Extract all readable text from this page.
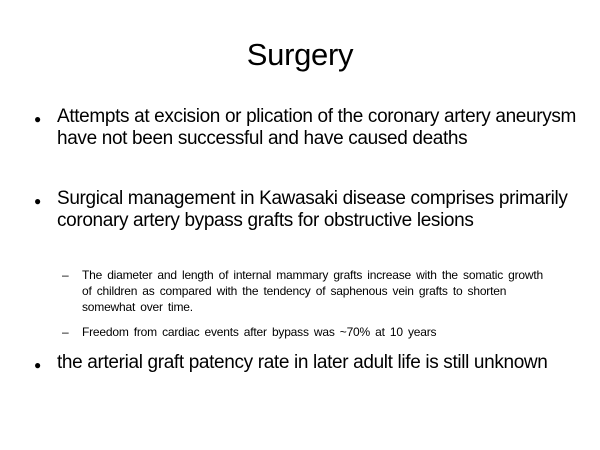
Surgery
● Attempts at excision or plication of the coronary artery aneurysm have not been successful and have caused deaths
● Surgical management in Kawasaki disease comprises primarily coronary artery bypass grafts for obstructive lesions
– The diameter and length of internal mammary grafts increase with the somatic growth of children as compared with the tendency of saphenous vein grafts to shorten somewhat over time.
– Freedom from cardiac events after bypass was ~70% at 10 years
● the arterial graft patency rate in later adult life is still unknown
